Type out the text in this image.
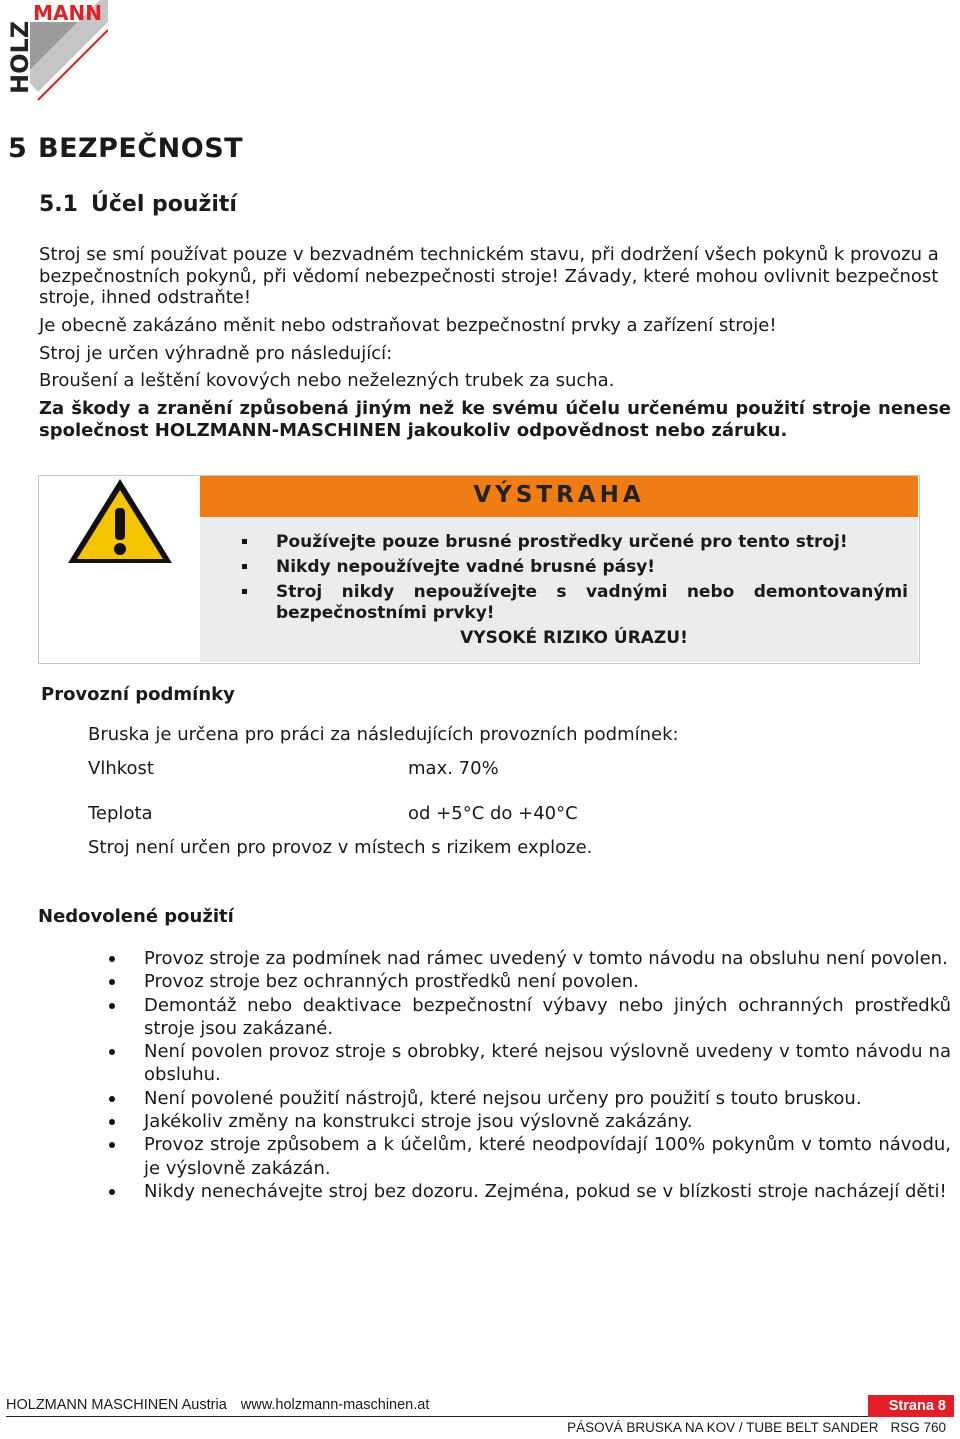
MANN
HOLZ
5 BEZPEČNOST
5.1 Účel použití
Stroj se smí používat pouze v bezvadném technickém stavu, při dodržení všech pokynů k provozu a bezpečnostních pokynů, při vědomí nebezpečnosti stroje! Závady, které mohou ovlivnit bezpečnost stroje, ihned odstraňte!
Je obecně zakázáno měnit nebo odstraňovat bezpečnostní prvky a zařízení stroje!
Stroj je určen výhradně pro následující:
Broušení a leštění kovových nebo neželezných trubek za sucha.
Za škody a zranění způsobená jiným než ke svému účelu určenému použití stroje nenese společnost HOLZMANN-MASCHINEN jakoukoliv odpovědnost nebo záruku.
VÝSTRAHA
Používejte pouze brusné prostředky určené pro tento stroj!
Nikdy nepoužívejte vadné brusné pásy!
Stroj nikdy nepoužívejte s vadnými nebo demontovanými bezpečnostními prvky!
VYSOKÉ RIZIKO ÚRAZU!
Provozní podmínky
Bruska je určena pro práci za následujících provozních podmínek:
Vlhkost	max. 70%
Teplota	od +5°C do +40°C
Stroj není určen pro provoz v místech s rizikem exploze.
Nedovolené použití
Provoz stroje za podmínek nad rámec uvedený v tomto návodu na obsluhu není povolen.
Provoz stroje bez ochranných prostředků není povolen.
Demontáž nebo deaktivace bezpečnostní výbavy nebo jiných ochranných prostředků stroje jsou zakázané.
Není povolen provoz stroje s obrobky, které nejsou výslovně uvedeny v tomto návodu na obsluhu.
Není povolené použití nástrojů, které nejsou určeny pro použití s touto bruskou.
Jakékoliv změny na konstrukci stroje jsou výslovně zakázány.
Provoz stroje způsobem a k účelům, které neodpovídají 100% pokynům v tomto návodu, je výslovně zakázán.
Nikdy nenechávejte stroj bez dozoru. Zejména, pokud se v blízkosti stroje nacházejí děti!
HOLZMANN MASCHINEN Austria www.holzmann-maschinen.at	Strana 8
PÁSOVÁ BRUSKA NA KOV / TUBE BELT SANDER RSG 760
